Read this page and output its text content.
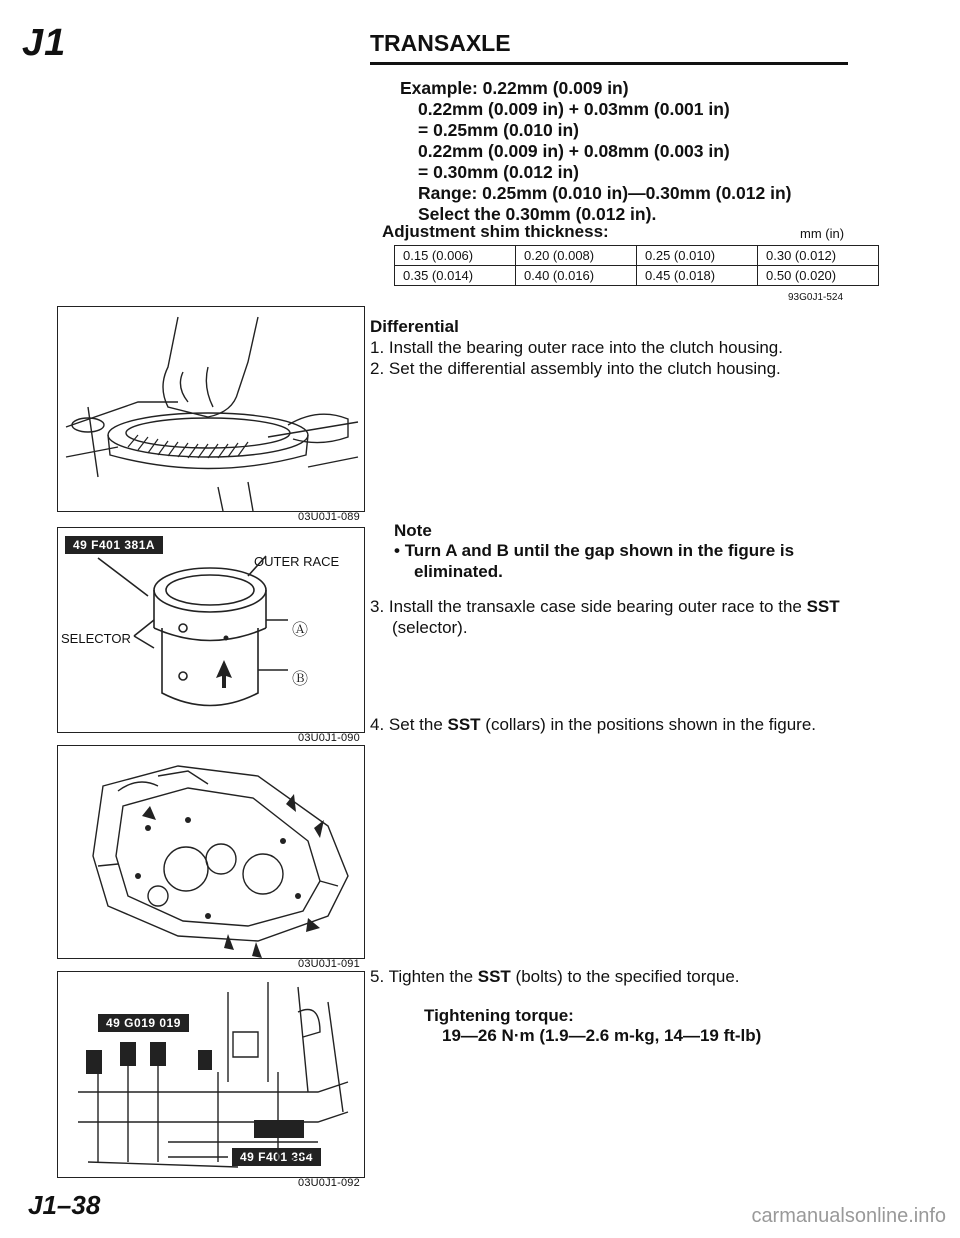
J1	TRANSAXLE
Example: 0.22mm (0.009 in)
0.22mm (0.009 in) + 0.03mm (0.001 in)
= 0.25mm (0.010 in)
0.22mm (0.009 in) + 0.08mm (0.003 in)
= 0.30mm (0.012 in)
Range: 0.25mm (0.010 in)—0.30mm (0.012 in)
Select the 0.30mm (0.012 in).
Adjustment shim thickness:	mm (in)
0.15 (0.006)	0.20 (0.008)	0.25 (0.010)	0.30 (0.012)
0.35 (0.014)	0.40 (0.016)	0.45 (0.018)	0.50 (0.020)
93G0J1-524
Differential
1. Install the bearing outer race into the clutch housing.
2. Set the differential assembly into the clutch housing.
Note
• Turn A and B until the gap shown in the figure is
eliminated.
3. Install the transaxle case side bearing outer race to the SST
(selector).
4. Set the SST (collars) in the positions shown in the figure.
5. Tighten the SST (bolts) to the specified torque.
Tightening torque:
19—26 N·m (1.9—2.6 m-kg, 14—19 ft-lb)
03U0J1-089
49 F401 381A
OUTER RACE
SELECTOR	Ⓐ
Ⓑ
03U0J1-090
03U0J1-091
49 G019 019
49 F401 384
03U0J1-092
J1–38	carmanualsonline.info
